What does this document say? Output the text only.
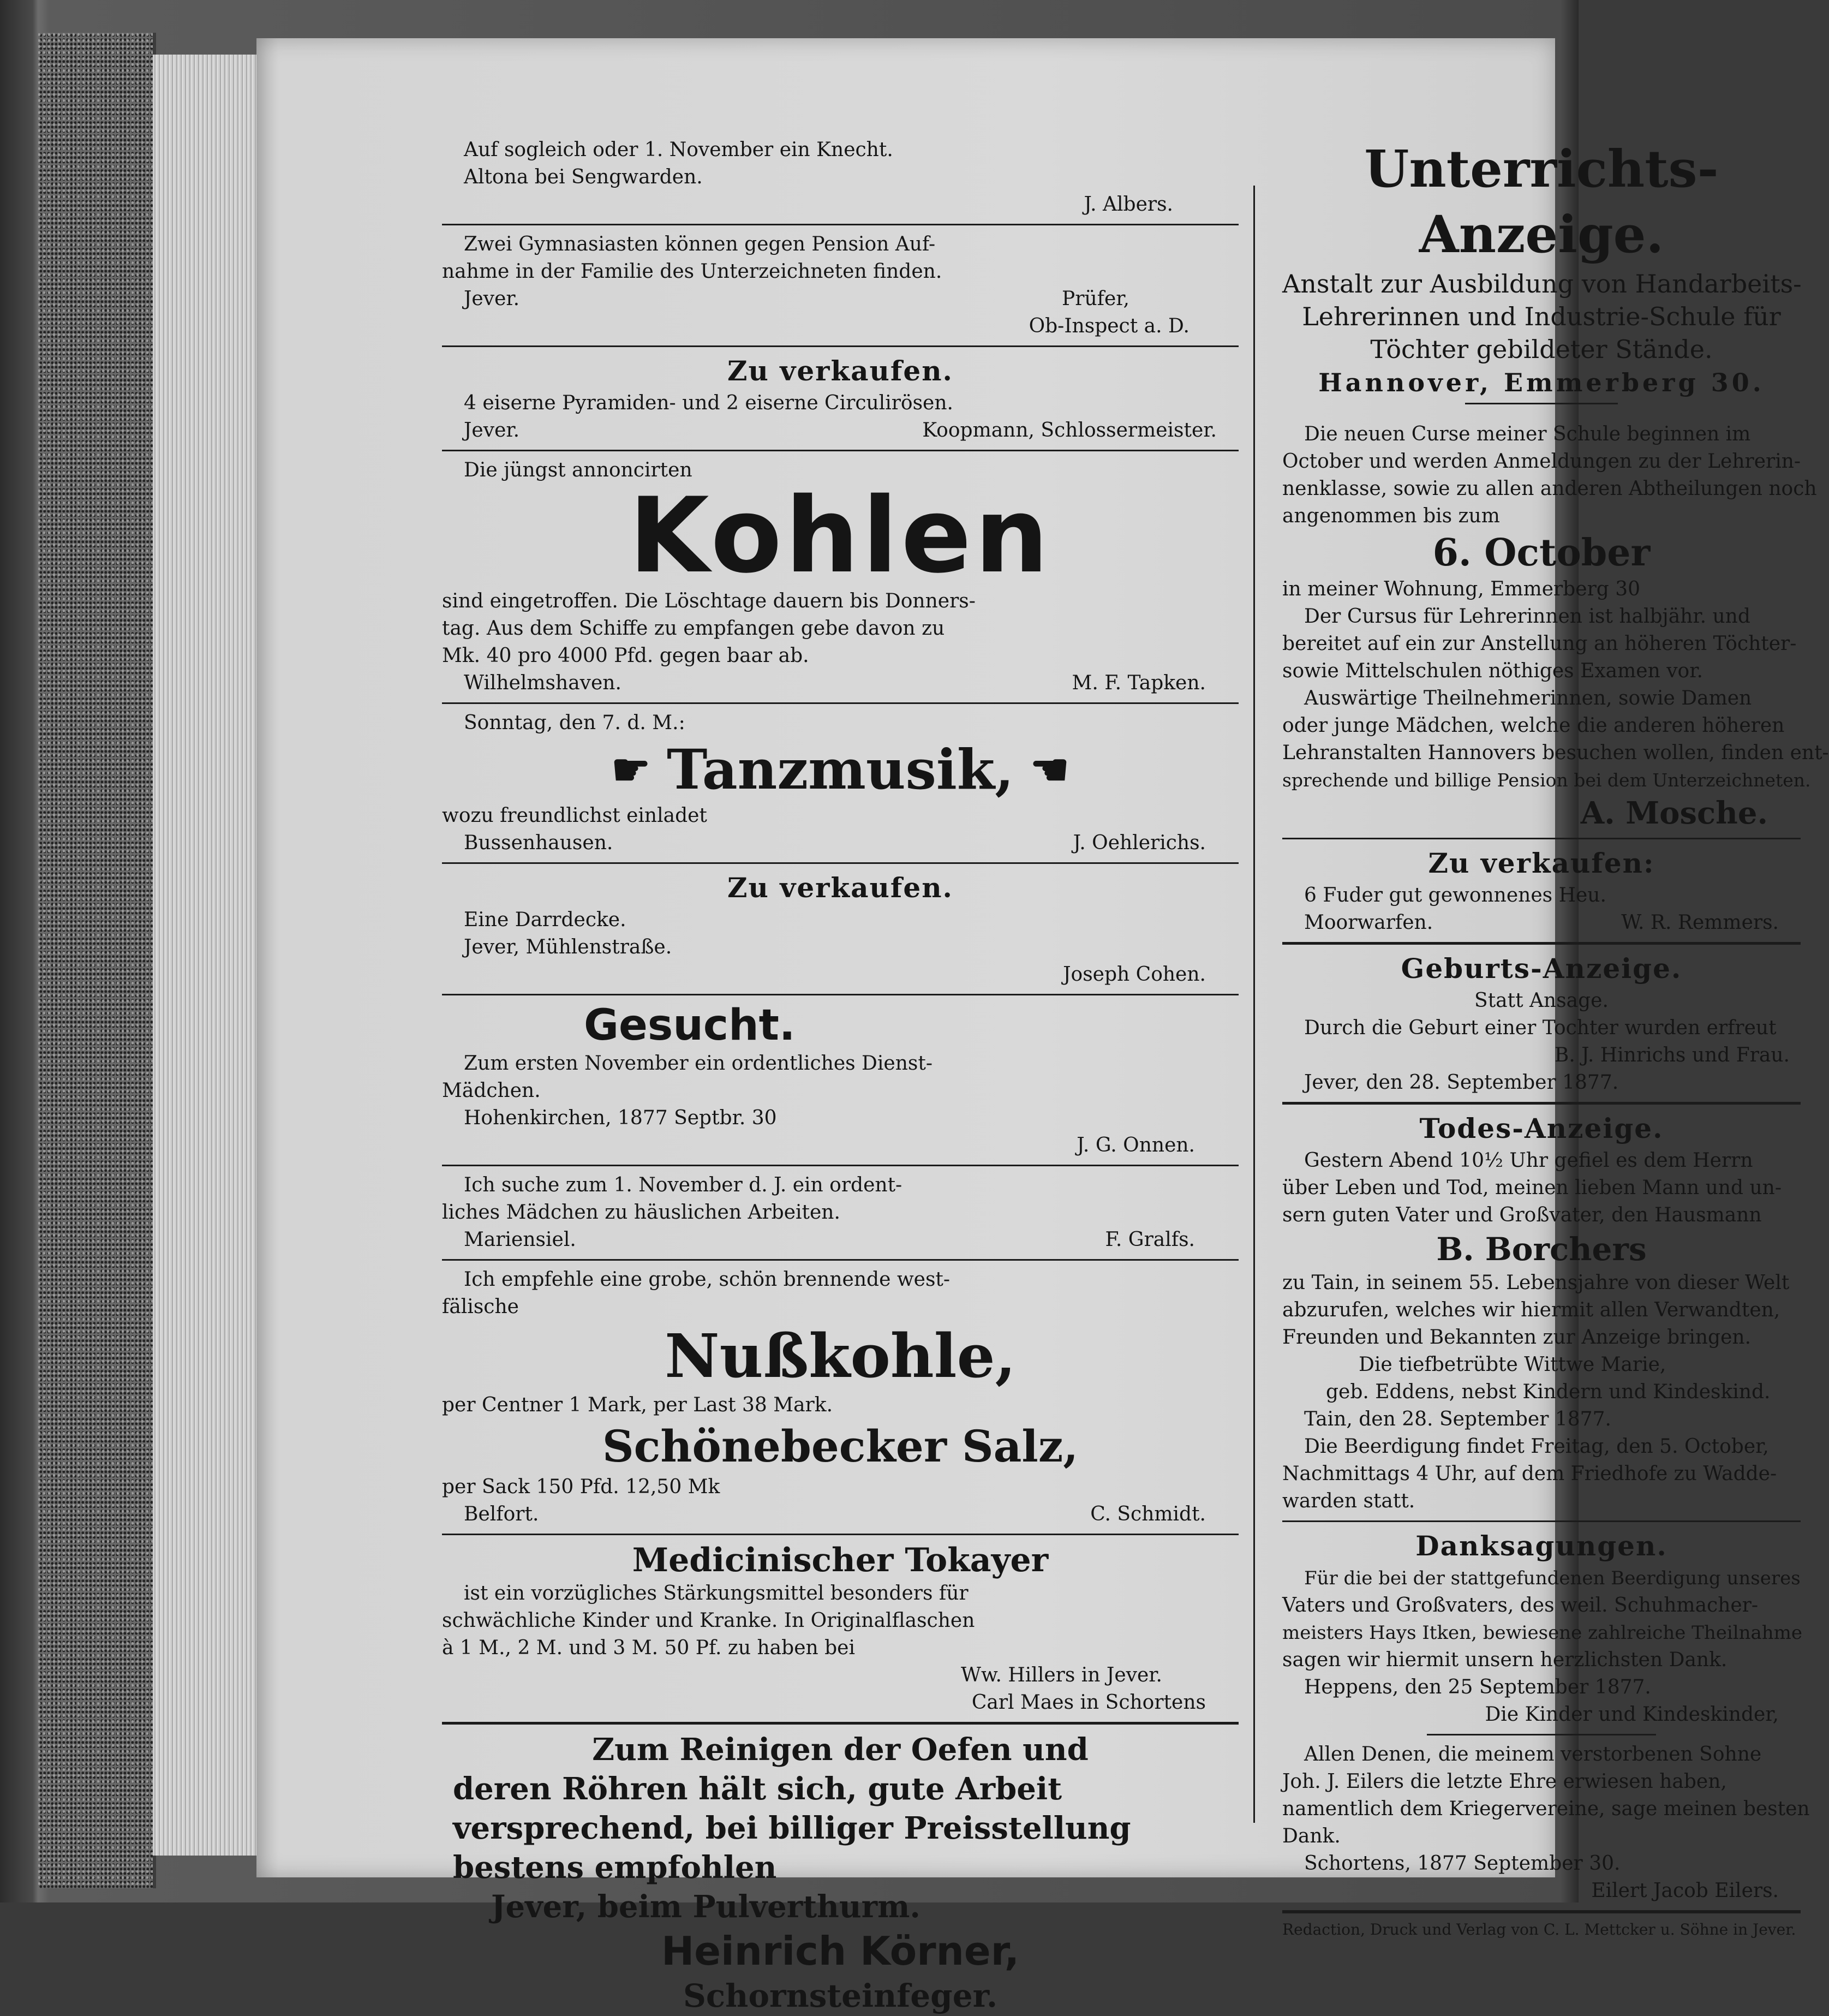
Auf sogleich oder 1. November ein Knecht.
Altona bei Sengwarden.
J. Albers.
Zwei Gymnasiasten können gegen Pension Auf-
nahme in der Familie des Unterzeichneten finden.
Jever.	Prüfer,
Ob-Inspect a. D.
Zu verkaufen.
4 eiserne Pyramiden- und 2 eiserne Circulirösen.
Jever.	Koopmann, Schlossermeister.
Die jüngst annoncirten
Kohlen
sind eingetroffen. Die Löschtage dauern bis Donners-
tag. Aus dem Schiffe zu empfangen gebe davon zu
Mk. 40 pro 4000 Pfd. gegen baar ab.
Wilhelmshaven.	M. F. Tapken.
Sonntag, den 7. d. M.:
☛ Tanzmusik, ☚
wozu freundlichst einladet
Bussenhausen.	J. Oehlerichs.
Zu verkaufen.
Eine Darrdecke.
Jever, Mühlenstraße.
Joseph Cohen.
Gesucht.
Zum ersten November ein ordentliches Dienst-
Mädchen.
Hohenkirchen, 1877 Septbr. 30
J. G. Onnen.
Ich suche zum 1. November d. J. ein ordent-
liches Mädchen zu häuslichen Arbeiten.
Mariensiel.	F. Gralfs.
Ich empfehle eine grobe, schön brennende west-
fälische
Nußkohle,
per Centner 1 Mark, per Last 38 Mark.
Schönebecker Salz,
per Sack 150 Pfd. 12,50 Mk
Belfort.	C. Schmidt.
Medicinischer Tokayer
ist ein vorzügliches Stärkungsmittel besonders für
schwächliche Kinder und Kranke. In Originalflaschen
à 1 M., 2 M. und 3 M. 50 Pf. zu haben bei
Ww. Hillers in Jever.
Carl Maes in Schortens
Zum Reinigen der Oefen und
deren Röhren hält sich, gute Arbeit
versprechend, bei billiger Preisstellung
bestens empfohlen
Jever, beim Pulverthurm.
Heinrich Körner,
Schornsteinfeger.
Unterrichts-Anzeige.
Anstalt zur Ausbildung von Handarbeits-
Lehrerinnen und Industrie-Schule für
Töchter gebildeter Stände.
Hannover, Emmerberg 30.
Die neuen Curse meiner Schule beginnen im
October und werden Anmeldungen zu der Lehrerin-
nenklasse, sowie zu allen anderen Abtheilungen noch
angenommen bis zum
6. October
in meiner Wohnung, Emmerberg 30
Der Cursus für Lehrerinnen ist halbjähr. und
bereitet auf ein zur Anstellung an höheren Töchter-
sowie Mittelschulen nöthiges Examen vor.
Auswärtige Theilnehmerinnen, sowie Damen
oder junge Mädchen, welche die anderen höheren
Lehranstalten Hannovers besuchen wollen, finden ent-
sprechende und billige Pension bei dem Unterzeichneten.
A. Mosche.
Zu verkaufen:
6 Fuder gut gewonnenes Heu.
Moorwarfen.	W. R. Remmers.
Geburts-Anzeige.
Statt Ansage.
Durch die Geburt einer Tochter wurden erfreut
B. J. Hinrichs und Frau.
Jever, den 28. September 1877.
Todes-Anzeige.
Gestern Abend 10½ Uhr gefiel es dem Herrn
über Leben und Tod, meinen lieben Mann und un-
sern guten Vater und Großvater, den Hausmann
B. Borchers
zu Tain, in seinem 55. Lebensjahre von dieser Welt
abzurufen, welches wir hiermit allen Verwandten,
Freunden und Bekannten zur Anzeige bringen.
Die tiefbetrübte Wittwe Marie,
geb. Eddens, nebst Kindern und Kindeskind.
Tain, den 28. September 1877.
Die Beerdigung findet Freitag, den 5. October,
Nachmittags 4 Uhr, auf dem Friedhofe zu Wadde-
warden statt.
Danksagungen.
Für die bei der stattgefundenen Beerdigung unseres
Vaters und Großvaters, des weil. Schuhmacher-
meisters Hays Itken, bewiesene zahlreiche Theilnahme
sagen wir hiermit unsern herzlichsten Dank.
Heppens, den 25 September 1877.
Die Kinder und Kindeskinder,
Allen Denen, die meinem verstorbenen Sohne
Joh. J. Eilers die letzte Ehre erwiesen haben,
namentlich dem Kriegervereine, sage meinen besten
Dank.
Schortens, 1877 September 30.
Eilert Jacob Eilers.
Redaction, Druck und Verlag von C. L. Mettcker u. Söhne in Jever.
